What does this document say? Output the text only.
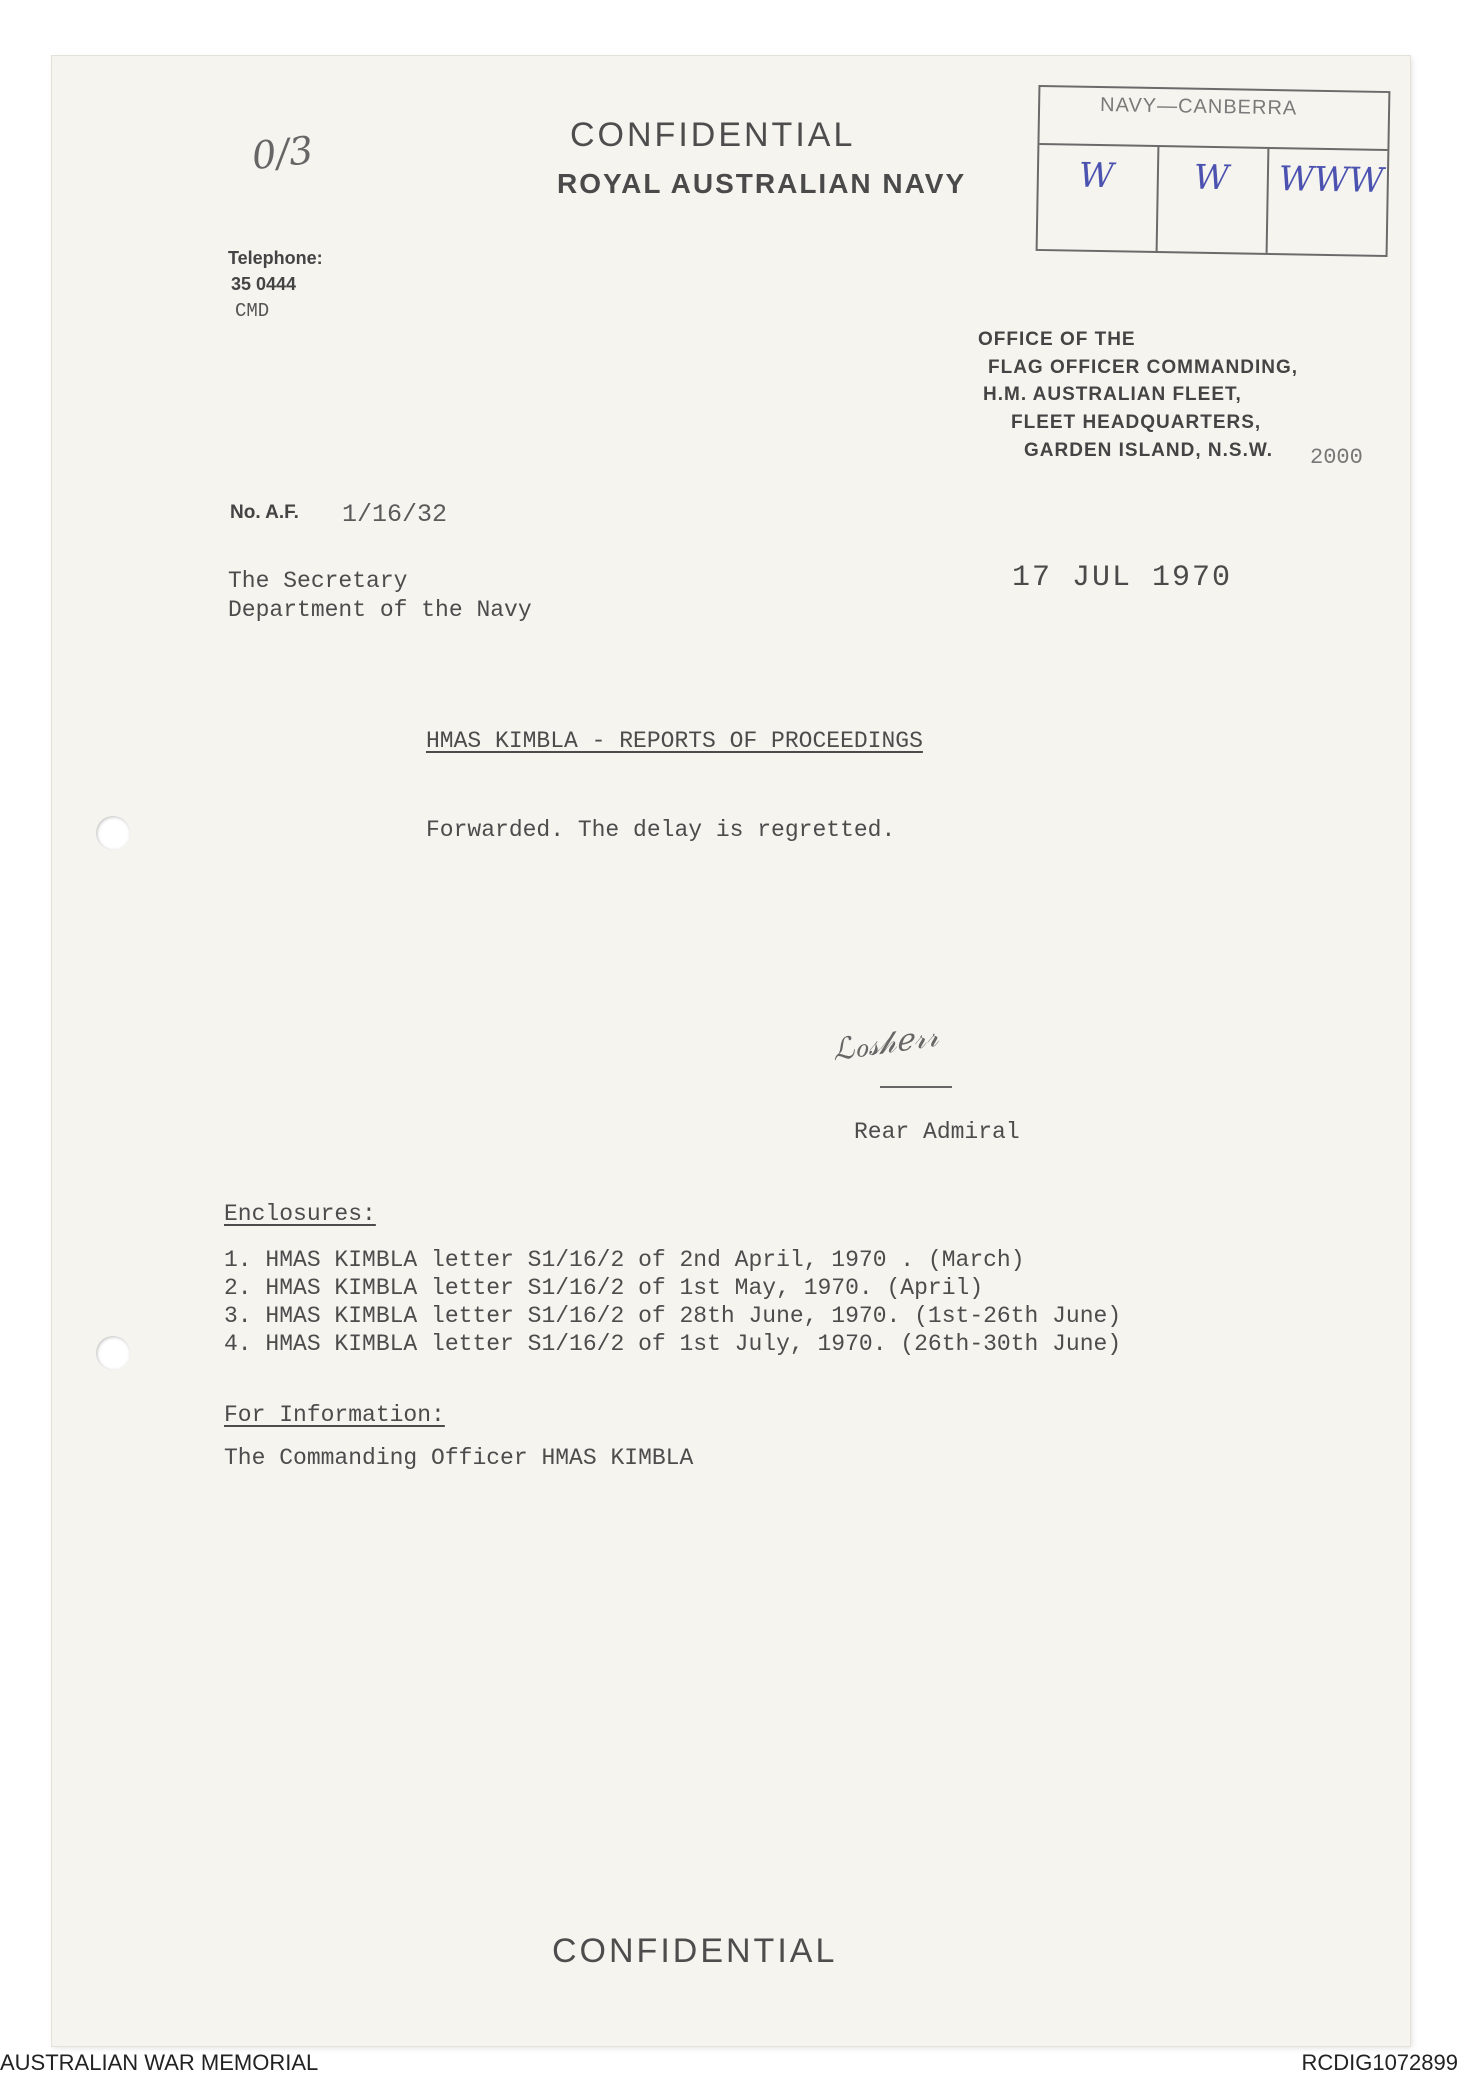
0/3	CONFIDENTIAL
ROYAL AUSTRALIAN NAVY
NAVY—CANBERRA
W W WWW
Telephone:
35 0444
CMD
OFFICE OF THE
FLAG OFFICER COMMANDING,
H.M. AUSTRALIAN FLEET,
FLEET HEADQUARTERS,
GARDEN ISLAND, N.S.W. 2000
No. A.F. 1/16/32
17 JUL 1970
The Secretary
Department of the Navy
HMAS KIMBLA - REPORTS OF PROCEEDINGS
Forwarded. The delay is regretted.
ℒℴ𝓈𝒽ℯ𝓇𝓇
Rear Admiral
Enclosures:
1. HMAS KIMBLA letter S1/16/2 of 2nd April, 1970 . (March)
2. HMAS KIMBLA letter S1/16/2 of 1st May, 1970. (April)
3. HMAS KIMBLA letter S1/16/2 of 28th June, 1970. (1st-26th June)
4. HMAS KIMBLA letter S1/16/2 of 1st July, 1970. (26th-30th June)
For Information:
The Commanding Officer HMAS KIMBLA
CONFIDENTIAL
AUSTRALIAN WAR MEMORIAL	RCDIG1072899
